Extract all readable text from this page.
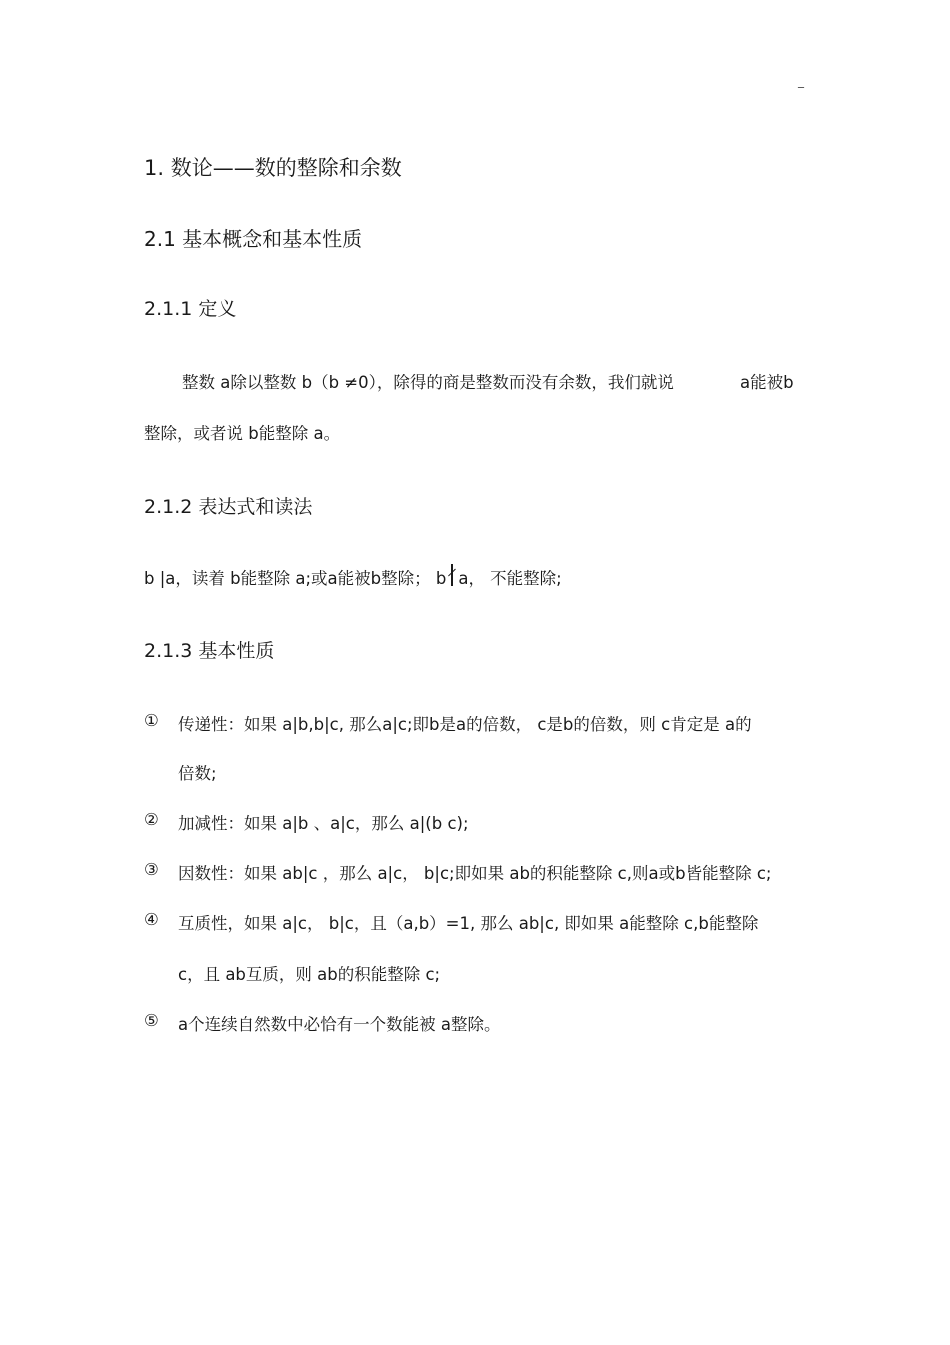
_
1. 数论——数的整除和余数
2.1 基本概念和基本性质
2.1.1 定义
整数 a除以整数 b（b ≠0），除得的商是整数而没有余数，我们就说	a能被b
整除，或者说 b能整除 a。
2.1.2 表达式和读法
b |a，读着 b能整除 a;或a能被b整除； b a， 不能整除;
2.1.3 基本性质
① 传递性：如果 a|b,b|c, 那么a|c;即b是a的倍数， c是b的倍数，则 c肯定是 a的
倍数;
② 加减性：如果 a|b 、a|c，那么 a|(b c);
③ 因数性：如果 ab|c ，那么 a|c， b|c;即如果 ab的积能整除 c,则a或b皆能整除 c;
④ 互质性，如果 a|c， b|c，且（a,b）=1, 那么 ab|c, 即如果 a能整除 c,b能整除
c，且 ab互质，则 ab的积能整除 c;
⑤ a个连续自然数中必恰有一个数能被 a整除。
